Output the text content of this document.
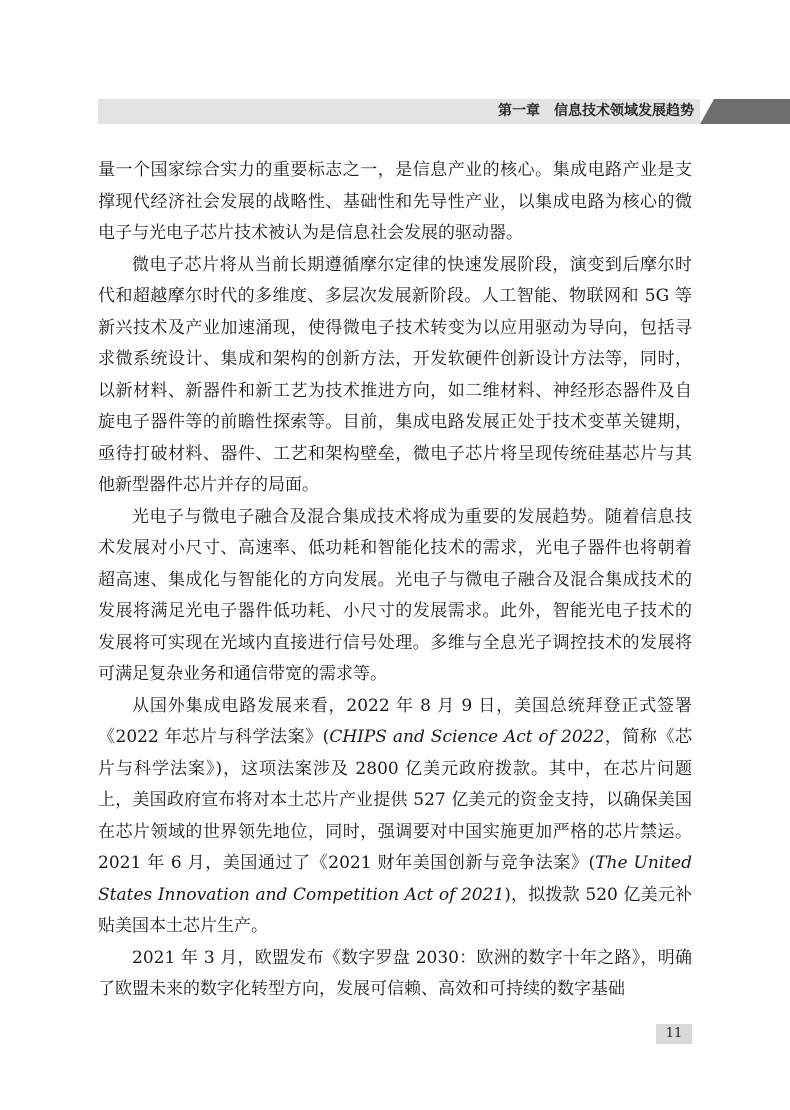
第一章　信息技术领域发展趋势

量一个国家综合实力的重要标志之一，是信息产业的核心。集成电路产业是支撑现代经济社会发展的战略性、基础性和先导性产业，以集成电路为核心的微电子与光电子芯片技术被认为是信息社会发展的驱动器。

微电子芯片将从当前长期遵循摩尔定律的快速发展阶段，演变到后摩尔时代和超越摩尔时代的多维度、多层次发展新阶段。人工智能、物联网和 5G 等新兴技术及产业加速涌现，使得微电子技术转变为以应用驱动为导向，包括寻求微系统设计、集成和架构的创新方法，开发软硬件创新设计方法等，同时，以新材料、新器件和新工艺为技术推进方向，如二维材料、神经形态器件及自旋电子器件等的前瞻性探索等。目前，集成电路发展正处于技术变革关键期，亟待打破材料、器件、工艺和架构壁垒，微电子芯片将呈现传统硅基芯片与其他新型器件芯片并存的局面。

光电子与微电子融合及混合集成技术将成为重要的发展趋势。随着信息技术发展对小尺寸、高速率、低功耗和智能化技术的需求，光电子器件也将朝着超高速、集成化与智能化的方向发展。光电子与微电子融合及混合集成技术的发展将满足光电子器件低功耗、小尺寸的发展需求。此外，智能光电子技术的发展将可实现在光域内直接进行信号处理。多维与全息光子调控技术的发展将可满足复杂业务和通信带宽的需求等。

从国外集成电路发展来看，2022 年 8 月 9 日，美国总统拜登正式签署《2022 年芯片与科学法案》(CHIPS and Science Act of 2022，简称《芯片与科学法案》)，这项法案涉及 2800 亿美元政府拨款。其中，在芯片问题上，美国政府宣布将对本土芯片产业提供 527 亿美元的资金支持，以确保美国在芯片领域的世界领先地位，同时，强调要对中国实施更加严格的芯片禁运。2021 年 6 月，美国通过了《2021 财年美国创新与竞争法案》(The United States Innovation and Competition Act of 2021)，拟拨款 520 亿美元补贴美国本土芯片生产。

2021 年 3 月，欧盟发布《数字罗盘 2030：欧洲的数字十年之路》，明确了欧盟未来的数字化转型方向，发展可信赖、高效和可持续的数字基础

11
